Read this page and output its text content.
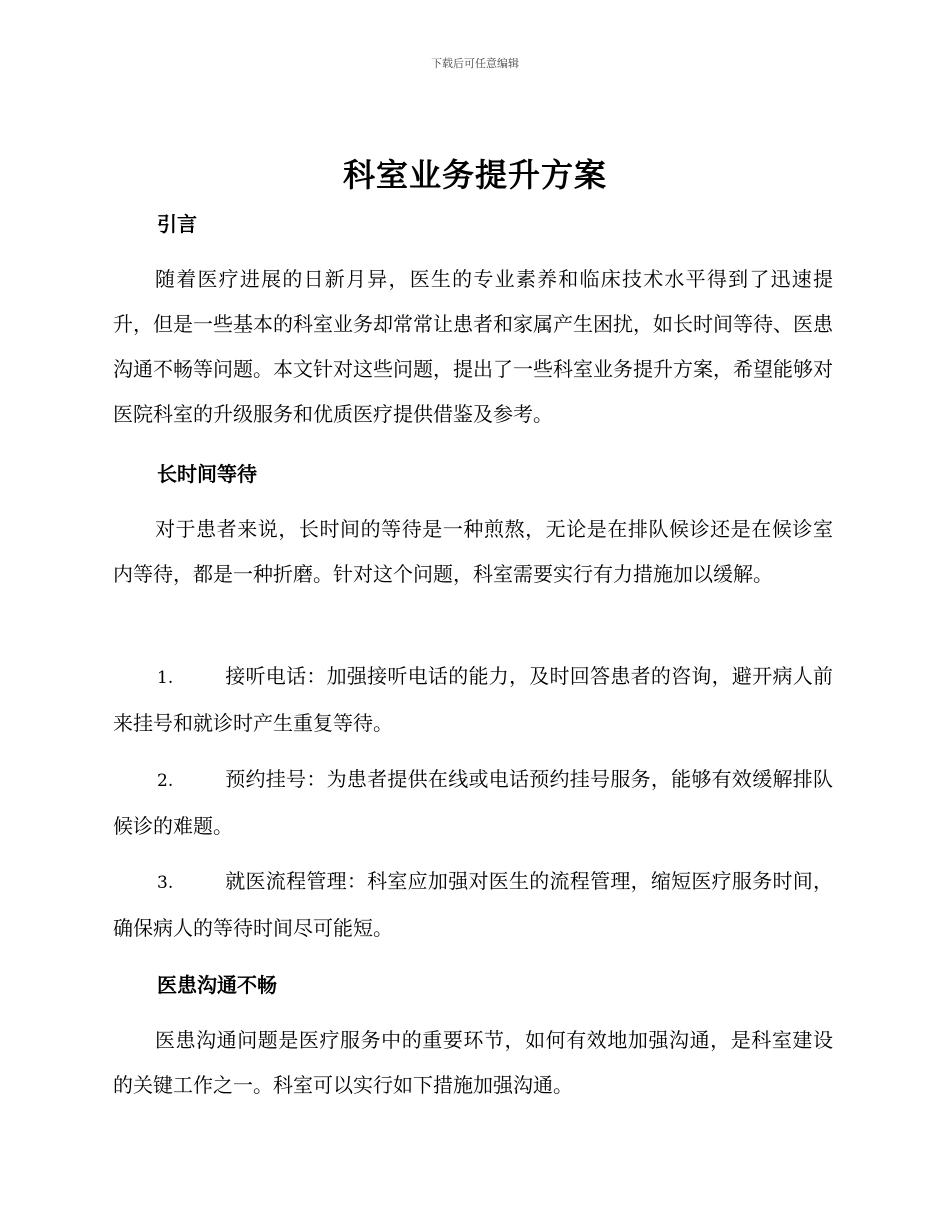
下载后可任意编辑
科室业务提升方案
引言

随着医疗进展的日新月异，医生的专业素养和临床技术水平得到了迅速提升，但是一些基本的科室业务却常常让患者和家属产生困扰，如长时间等待、医患沟通不畅等问题。本文针对这些问题，提出了一些科室业务提升方案，希望能够对医院科室的升级服务和优质医疗提供借鉴及参考。

长时间等待

对于患者来说，长时间的等待是一种煎熬，无论是在排队候诊还是在候诊室内等待，都是一种折磨。针对这个问题，科室需要实行有力措施加以缓解。

1.	接听电话：加强接听电话的能力，及时回答患者的咨询，避开病人前来挂号和就诊时产生重复等待。

2.	预约挂号：为患者提供在线或电话预约挂号服务，能够有效缓解排队候诊的难题。

3.	就医流程管理：科室应加强对医生的流程管理，缩短医疗服务时间，确保病人的等待时间尽可能短。

医患沟通不畅

医患沟通问题是医疗服务中的重要环节，如何有效地加强沟通，是科室建设的关键工作之一。科室可以实行如下措施加强沟通。
